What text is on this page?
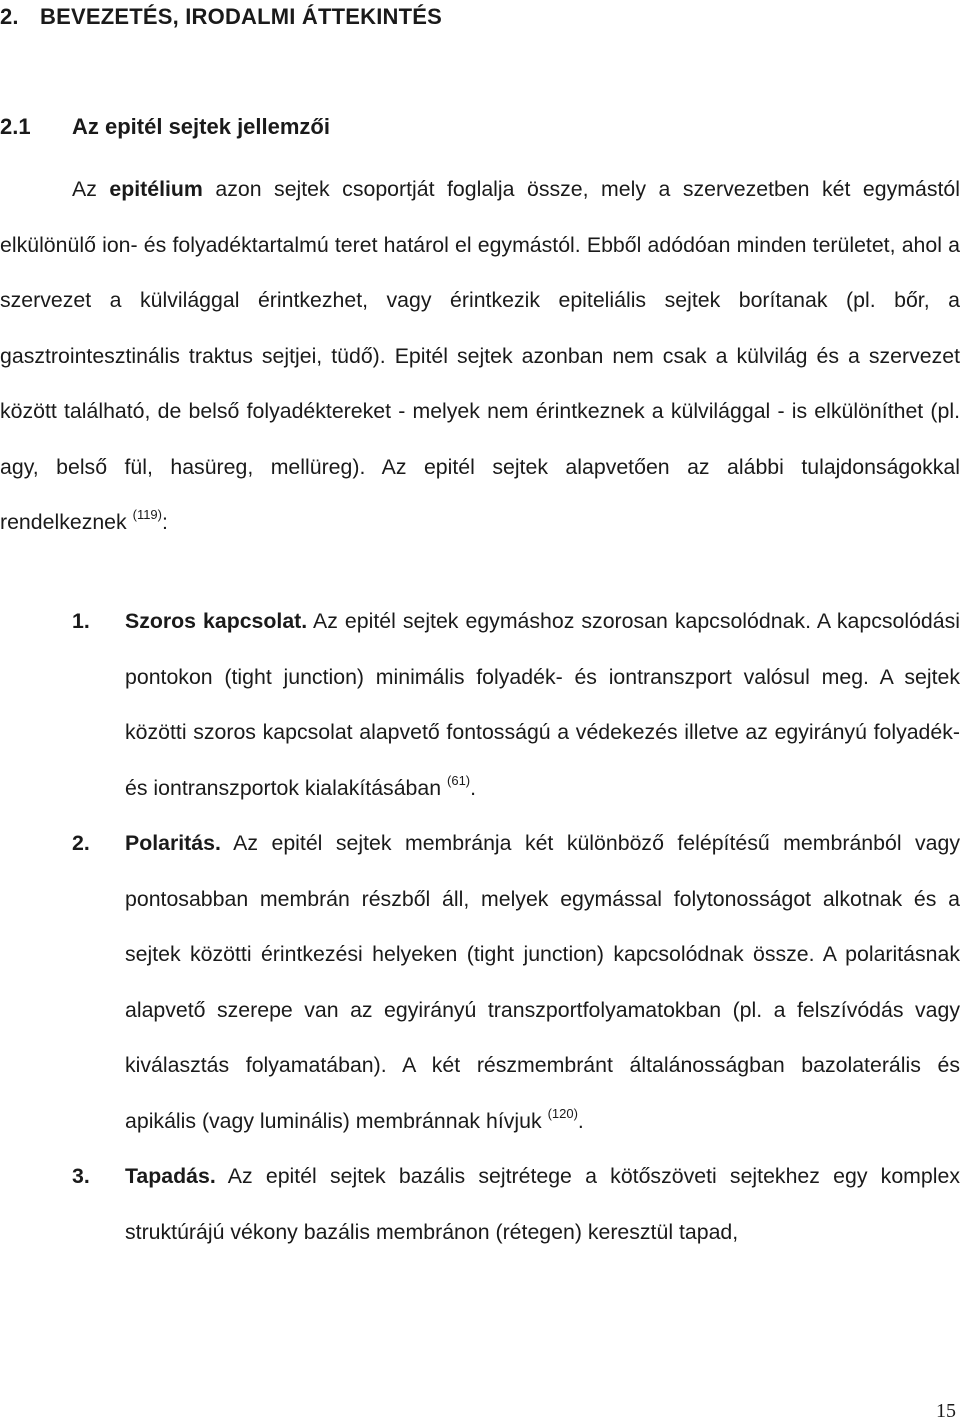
2. BEVEZETÉS, IRODALMI ÁTTEKINTÉS
2.1 Az epitél sejtek jellemzői

Az epitélium azon sejtek csoportját foglalja össze, mely a szervezetben két egymástól elkülönülő ion- és folyadéktartalmú teret határol el egymástól. Ebből adódóan minden területet, ahol a szervezet a külvilággal érintkezhet, vagy érintkezik epiteliális sejtek borítanak (pl. bőr, a gasztrointesztinális traktus sejtjei, tüdő). Epitél sejtek azonban nem csak a külvilág és a szervezet között található, de belső folyadéktereket - melyek nem érintkeznek a külvilággal - is elkülöníthet (pl. agy, belső fül, hasüreg, mellüreg). Az epitél sejtek alapvetően az alábbi tulajdonságokkal rendelkeznek $^{(119)}$:

1. Szoros kapcsolat. Az epitél sejtek egymáshoz szorosan kapcsolódnak. A kapcsolódási pontokon (tight junction) minimális folyadék- és iontranszport valósul meg. A sejtek közötti szoros kapcsolat alapvető fontosságú a védekezés illetve az egyirányú folyadék- és iontranszportok kialakításában $^{(61)}$.
2. Polaritás. Az epitél sejtek membránja két különböző felépítésű membránból vagy pontosabban membrán részből áll, melyek egymással folytonosságot alkotnak és a sejtek közötti érintkezési helyeken (tight junction) kapcsolódnak össze. A polaritásnak alapvető szerepe van az egyirányú transzportfolyamatokban (pl. a felszívódás vagy kiválasztás folyamatában). A két részmembránt általánosságban bazolaterális és apikális (vagy luminális) membránnak hívjuk $^{(120)}$.
3. Tapadás. Az epitél sejtek bazális sejtrétege a kötőszöveti sejtekhez egy komplex struktúrájú vékony bazális membránon (rétegen) keresztül tapad,
15
